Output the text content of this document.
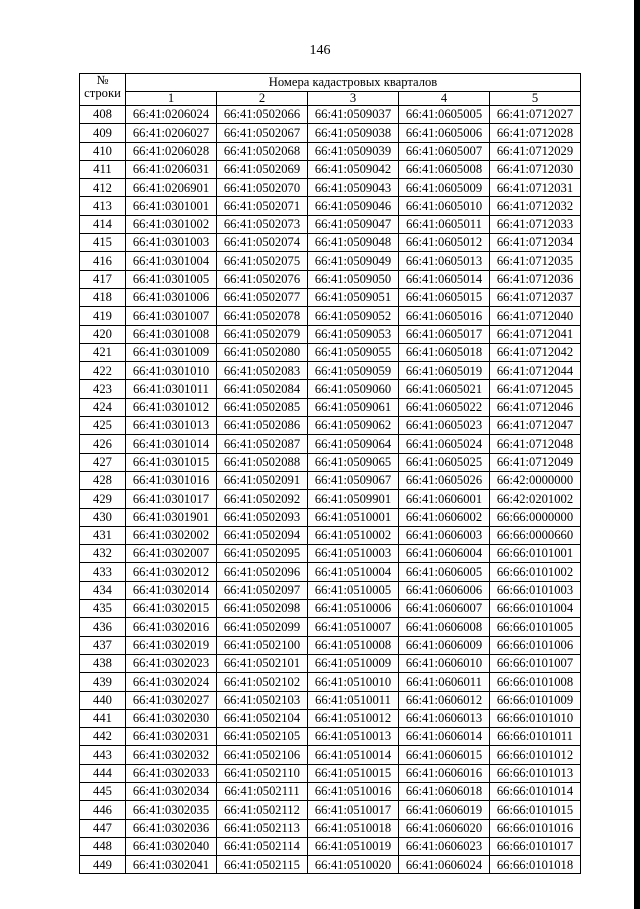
146
№
строки	Номера кадастровых кварталов				
	1	2	3	4	5
408	66:41:0206024	66:41:0502066	66:41:0509037	66:41:0605005	66:41:0712027
409	66:41:0206027	66:41:0502067	66:41:0509038	66:41:0605006	66:41:0712028
410	66:41:0206028	66:41:0502068	66:41:0509039	66:41:0605007	66:41:0712029
411	66:41:0206031	66:41:0502069	66:41:0509042	66:41:0605008	66:41:0712030
412	66:41:0206901	66:41:0502070	66:41:0509043	66:41:0605009	66:41:0712031
413	66:41:0301001	66:41:0502071	66:41:0509046	66:41:0605010	66:41:0712032
414	66:41:0301002	66:41:0502073	66:41:0509047	66:41:0605011	66:41:0712033
415	66:41:0301003	66:41:0502074	66:41:0509048	66:41:0605012	66:41:0712034
416	66:41:0301004	66:41:0502075	66:41:0509049	66:41:0605013	66:41:0712035
417	66:41:0301005	66:41:0502076	66:41:0509050	66:41:0605014	66:41:0712036
418	66:41:0301006	66:41:0502077	66:41:0509051	66:41:0605015	66:41:0712037
419	66:41:0301007	66:41:0502078	66:41:0509052	66:41:0605016	66:41:0712040
420	66:41:0301008	66:41:0502079	66:41:0509053	66:41:0605017	66:41:0712041
421	66:41:0301009	66:41:0502080	66:41:0509055	66:41:0605018	66:41:0712042
422	66:41:0301010	66:41:0502083	66:41:0509059	66:41:0605019	66:41:0712044
423	66:41:0301011	66:41:0502084	66:41:0509060	66:41:0605021	66:41:0712045
424	66:41:0301012	66:41:0502085	66:41:0509061	66:41:0605022	66:41:0712046
425	66:41:0301013	66:41:0502086	66:41:0509062	66:41:0605023	66:41:0712047
426	66:41:0301014	66:41:0502087	66:41:0509064	66:41:0605024	66:41:0712048
427	66:41:0301015	66:41:0502088	66:41:0509065	66:41:0605025	66:41:0712049
428	66:41:0301016	66:41:0502091	66:41:0509067	66:41:0605026	66:42:0000000
429	66:41:0301017	66:41:0502092	66:41:0509901	66:41:0606001	66:42:0201002
430	66:41:0301901	66:41:0502093	66:41:0510001	66:41:0606002	66:66:0000000
431	66:41:0302002	66:41:0502094	66:41:0510002	66:41:0606003	66:66:0000660
432	66:41:0302007	66:41:0502095	66:41:0510003	66:41:0606004	66:66:0101001
433	66:41:0302012	66:41:0502096	66:41:0510004	66:41:0606005	66:66:0101002
434	66:41:0302014	66:41:0502097	66:41:0510005	66:41:0606006	66:66:0101003
435	66:41:0302015	66:41:0502098	66:41:0510006	66:41:0606007	66:66:0101004
436	66:41:0302016	66:41:0502099	66:41:0510007	66:41:0606008	66:66:0101005
437	66:41:0302019	66:41:0502100	66:41:0510008	66:41:0606009	66:66:0101006
438	66:41:0302023	66:41:0502101	66:41:0510009	66:41:0606010	66:66:0101007
439	66:41:0302024	66:41:0502102	66:41:0510010	66:41:0606011	66:66:0101008
440	66:41:0302027	66:41:0502103	66:41:0510011	66:41:0606012	66:66:0101009
441	66:41:0302030	66:41:0502104	66:41:0510012	66:41:0606013	66:66:0101010
442	66:41:0302031	66:41:0502105	66:41:0510013	66:41:0606014	66:66:0101011
443	66:41:0302032	66:41:0502106	66:41:0510014	66:41:0606015	66:66:0101012
444	66:41:0302033	66:41:0502110	66:41:0510015	66:41:0606016	66:66:0101013
445	66:41:0302034	66:41:0502111	66:41:0510016	66:41:0606018	66:66:0101014
446	66:41:0302035	66:41:0502112	66:41:0510017	66:41:0606019	66:66:0101015
447	66:41:0302036	66:41:0502113	66:41:0510018	66:41:0606020	66:66:0101016
448	66:41:0302040	66:41:0502114	66:41:0510019	66:41:0606023	66:66:0101017
449	66:41:0302041	66:41:0502115	66:41:0510020	66:41:0606024	66:66:0101018
